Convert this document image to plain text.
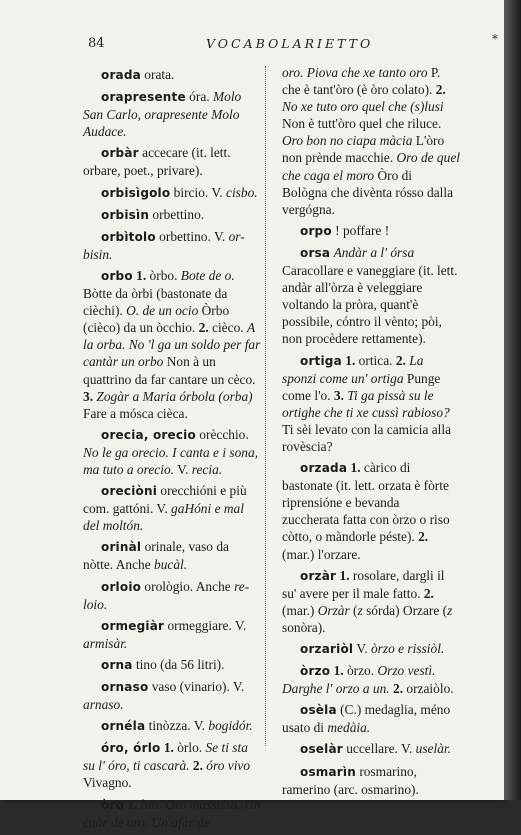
84	VOCABOLARIETTO	*
orada orata.
orapresente óra. Molo San Carlo, orapresente Molo Audace.
orbàr accecare (it. lett. orbare, poet., privare).
orbisìgolo bircio. V. cisbo.
orbisìn orbettino.
orbìtolo orbettino. V. or-bisin.
orbo 1. òrbo. Bote de o. Bòtte da òrbi (bastonate da cièchi). O. de un ocio Òrbo (cièco) da un òcchio. 2. cièco. A la orba. No 'l ga un soldo per far cantàr un orbo Non à un quattrino da far cantare un cèco. 3. Zogàr a Maria órbola (orba) Fare a mósca cièca.
orecia, orecio orècchio. No le ga orecio. I canta e i sona, ma tuto a orecio. V. recia.
oreciòni orecchióni e più com. gattóni. V. gaHóni e mal del moltón.
orinàl orinale, vaso da nòtte. Anche bucàl.
orloio orològio. Anche re-loio.
ormegiàr ormeggiare. V. armisàr.
orna tino (da 56 litri).
ornaso vaso (vinario). V. arnaso.
ornéla tinòzza. V. bogidór.
óro, órlo 1. òrlo. Se ti sta su l' óro, ti cascarà. 2. óro vivo Vivagno.
òro 1. òro. Oro massisso. Un cuòr de oro. Un afàr de
oro. Piova che xe tanto oro P. che è tant'òro (è òro colato). 2. No xe tuto oro quel che (s)lusi Non è tutt'òro quel che riluce. Oro bon no ciapa màcia L'òro non prènde macchie. Oro de quel che caga el moro Òro di Bològna che divènta rósso dalla vergógna.
orpo ! poffare !
orsa Andàr a l' órsa Caracollare e vaneggiare (it. lett. andàr all'òrza è veleggiare voltando la pròra, quant'è possibile, cóntro il vènto; pòi, non procèdere rettamente).
ortiga 1. ortica. 2. La sponzi come un' ortiga Punge come l'o. 3. Ti ga pissà su le ortighe che ti xe cussì rabioso? Ti sèi levato con la camicia alla rovèscia?
orzada 1. càrico di bastonate (it. lett. orzata è fòrte riprensióne e bevanda zuccherata fatta con òrzo o riso còtto, o màndorle péste). 2. (mar.) l'orzare.
orzàr 1. rosolare, dargli il su' avere per il male fatto. 2. (mar.) Orzàr (z sórda) Orzare (z sonòra).
orzariòl V. òrzo e rissiòl.
òrzo 1. òrzo. Orzo vestì. Darghe l' orzo a un. 2. orzaiòlo.
osèla (C.) medaglia, méno usato di medàia.
oselàr uccellare. V. uselàr.
osmarìn rosmarino, ramerino (arc. osmarino).
